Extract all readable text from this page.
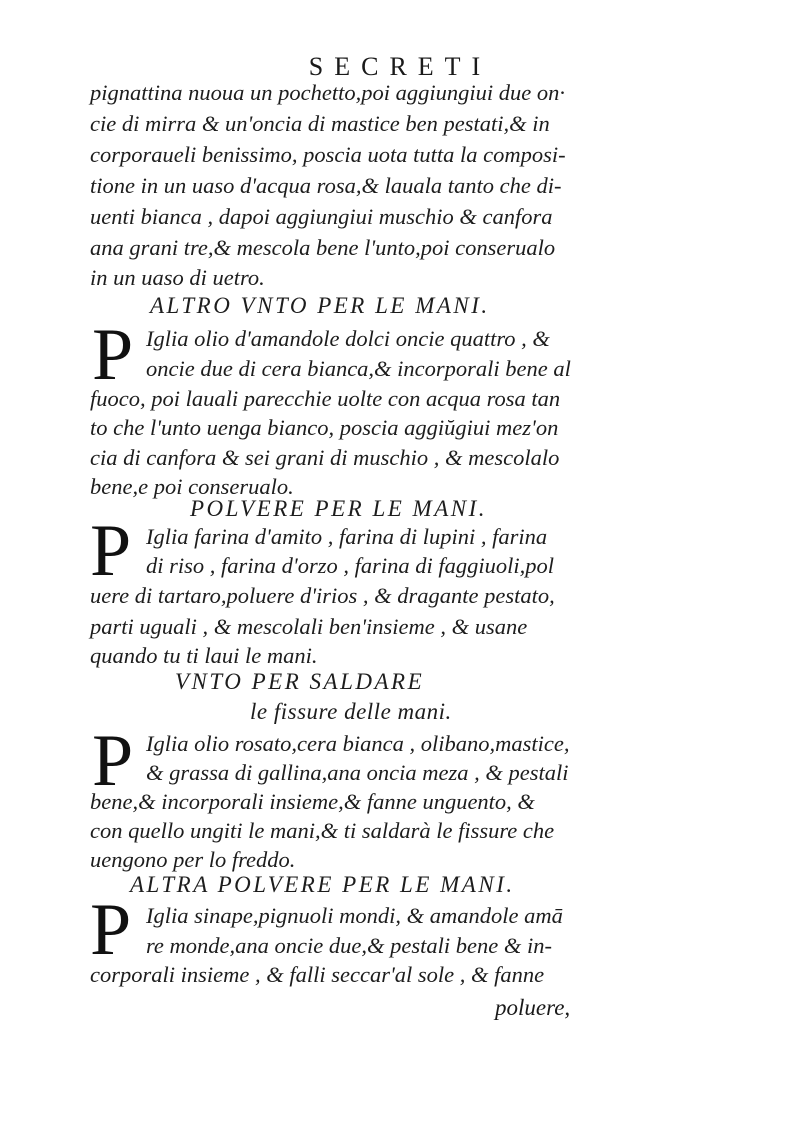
SECRETI
pignattina nuoua un pochetto,poi aggiungiui due on·
cie di mirra & un'oncia di mastice ben pestati,& in
corporaueli benissimo, poscia uota tutta la composi-
tione in un uaso d'acqua rosa,& lauala tanto che di-
uenti bianca , dapoi aggiungiui muschio & canfora
ana grani tre,& mescola bene l'unto,poi conserualo
in un uaso di uetro.
ALTRO VNTO PER LE MANI.
P Iglia olio d'amandole dolci oncie quattro , &
oncie due di cera bianca,& incorporali bene al
fuoco, poi lauali parecchie uolte con acqua rosa tan
to che l'unto uenga bianco, poscia aggiŭgiui mez'on
cia di canfora & sei grani di muschio , & mescolalo
bene,e poi conserualo.
POLVERE PER LE MANI.
P Iglia farina d'amito , farina di lupini , farina
di riso , farina d'orzo , farina di faggiuoli,pol
uere di tartaro,poluere d'irios , & dragante pestato,
parti uguali , & mescolali ben'insieme , & usane
quando tu ti laui le mani.
VNTO PER SALDARE
le fissure delle mani.
P Iglia olio rosato,cera bianca , olibano,mastice,
& grassa di gallina,ana oncia meza , & pestali
bene,& incorporali insieme,& fanne unguento, &
con quello ungiti le mani,& ti saldarà le fissure che
uengono per lo freddo.
ALTRA POLVERE PER LE MANI.
P Iglia sinape,pignuoli mondi, & amandole amā
re monde,ana oncie due,& pestali bene & in-
corporali insieme , & falli seccar'al sole , & fanne
poluere,
